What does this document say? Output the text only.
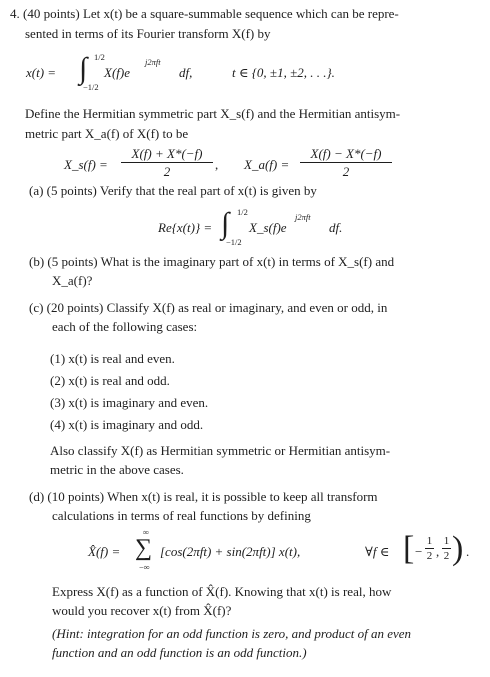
4. (40 points) Let x(t) be a square-summable sequence which can be repre-
sented in terms of its Fourier transform X(f) by
x(t) = ∫ 1/2
−1/2
X(f)e
j2πft
df,	t ∈ {0, ±1, ±2, . . .}.
Define the Hermitian symmetric part X_s(f) and the Hermitian antisym-
metric part X_a(f) of X(f) to be
X_s(f) =
X(f) + X*(−f)
2	, X_a(f) =
X(f) − X*(−f)
2
(a) (5 points) Verify that the real part of x(t) is given by
Re{x(t)} = ∫ 1/2
−1/2
X_s(f)e
j2πft
df.
(b) (5 points) What is the imaginary part of x(t) in terms of X_s(f) and
X_a(f)?
(c) (20 points) Classify X(f) as real or imaginary, and even or odd, in
each of the following cases:
(1) x(t) is real and even.
(2) x(t) is real and odd.
(3) x(t) is imaginary and even.
(4) x(t) is imaginary and odd.
Also classify X(f) as Hermitian symmetric or Hermitian antisym-
metric in the above cases.
(d) (10 points) When x(t) is real, it is possible to keep all transform
calculations in terms of real functions by defining
X̂(f) = ∑
∞
−∞
[cos(2πft) + sin(2πft)] x(t),	∀f ∈ [ −
1
2 ,
1
2 ) .
Express X(f) as a function of X̂(f). Knowing that x(t) is real, how
would you recover x(t) from X̂(f)?
(Hint: integration for an odd function is zero, and product of an even
function and an odd function is an odd function.)
